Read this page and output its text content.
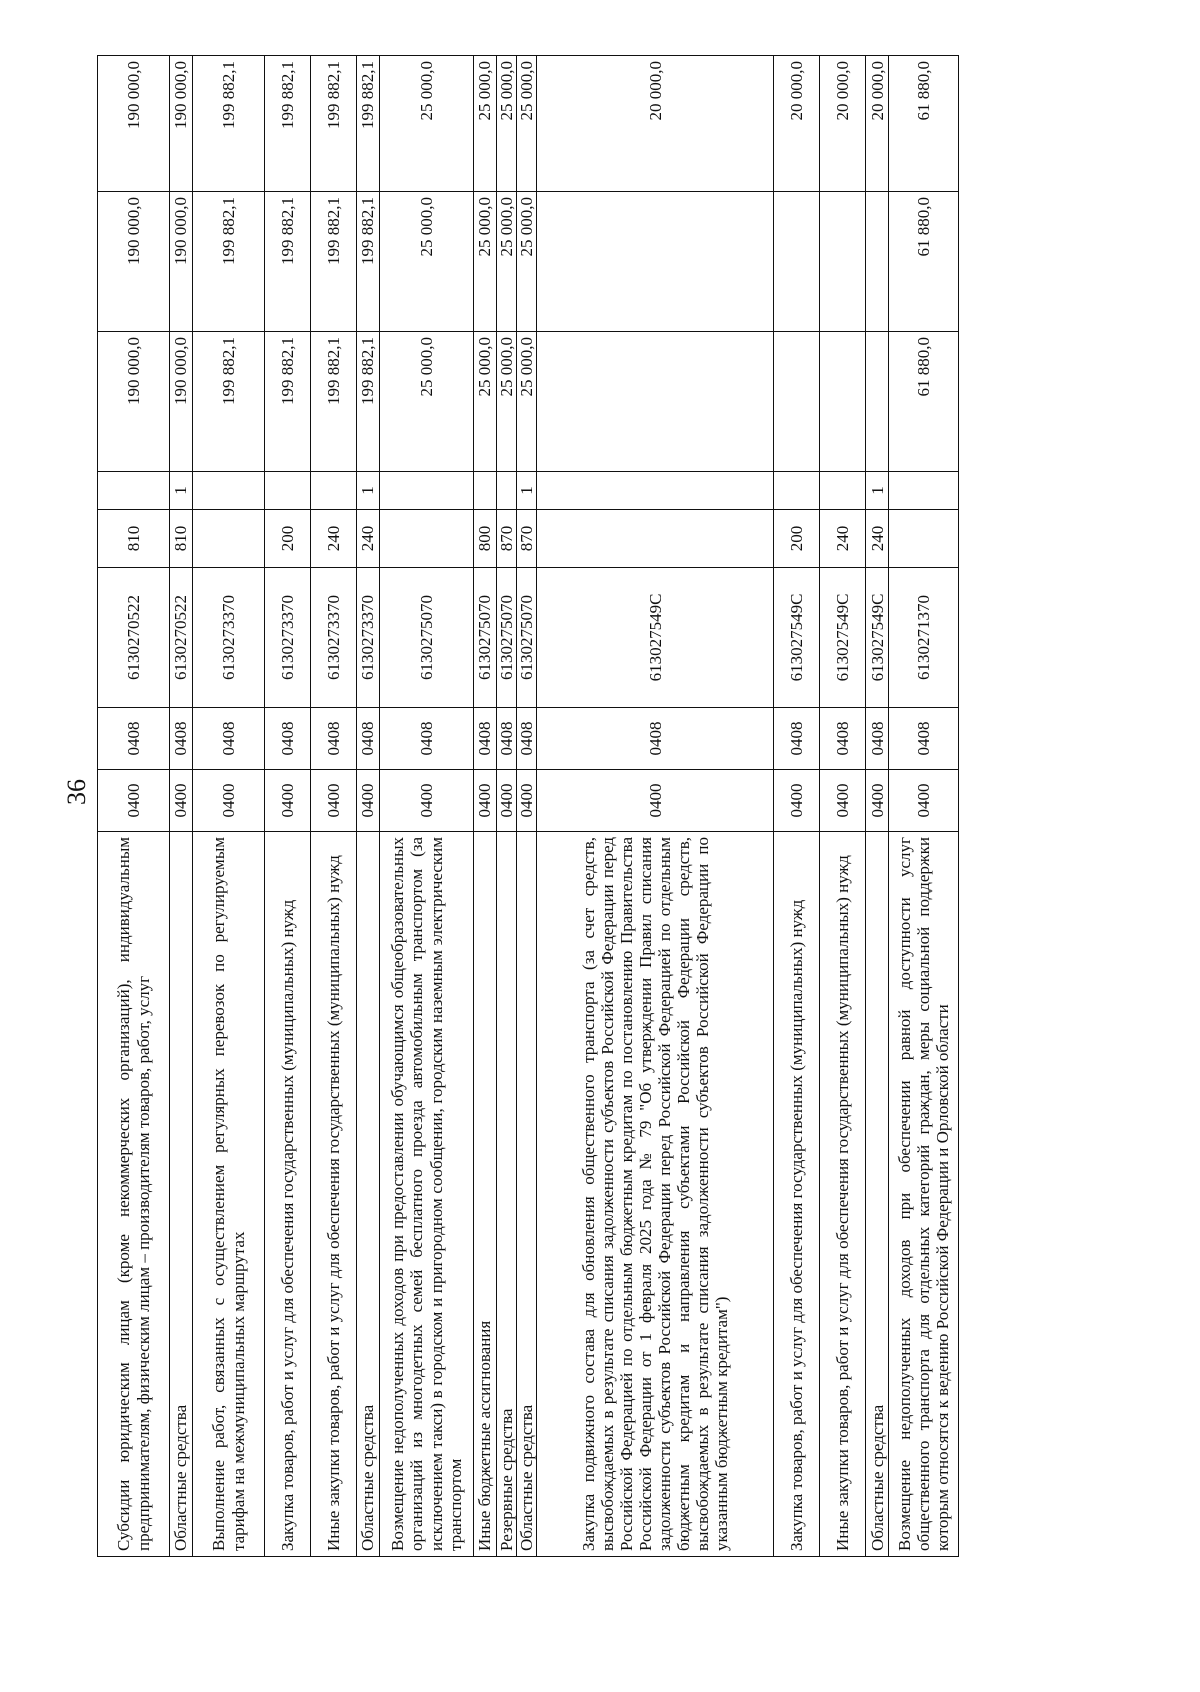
36
Субсидии юридическим лицам (кроме некоммерческих организаций), индивидуальным предпринимателям, физическим лицам – производителям товаров, работ, услуг	0400	0408	6130270522	810		190 000,0	190 000,0	190 000,0
Областные средства	0400	0408	6130270522	810	1	190 000,0	190 000,0	190 000,0
Выполнение работ, связанных с осуществлением регулярных перевозок по регулируемым тарифам на межмуниципальных маршрутах	0400	0408	6130273370			199 882,1	199 882,1	199 882,1
Закупка товаров, работ и услуг для обеспечения государственных (муниципальных) нужд	0400	0408	6130273370	200		199 882,1	199 882,1	199 882,1
Иные закупки товаров, работ и услуг для обеспечения государственных (муниципальных) нужд	0400	0408	6130273370	240		199 882,1	199 882,1	199 882,1
Областные средства	0400	0408	6130273370	240	1	199 882,1	199 882,1	199 882,1
Возмещение недополученных доходов при предоставлении обучающимся общеобразовательных организаций из многодетных семей бесплатного проезда автомобильным транспортом (за исключением такси) в городском и пригородном сообщении, городским наземным электрическим транспортом	0400	0408	6130275070			25 000,0	25 000,0	25 000,0
Иные бюджетные ассигнования	0400	0408	6130275070	800		25 000,0	25 000,0	25 000,0
Резервные средства	0400	0408	6130275070	870		25 000,0	25 000,0	25 000,0
Областные средства	0400	0408	6130275070	870	1	25 000,0	25 000,0	25 000,0
Закупка подвижного состава для обновления общественного транспорта (за счет средств, высвобождаемых в результате списания задолженности субъектов Российской Федерации перед Российской Федерацией по отдельным бюджетным кредитам по постановлению Правительства Российской Федерации от 1 февраля 2025 года № 79 "Об утверждении Правил списания задолженности субъектов Российской Федерации перед Российской Федерацией по отдельным бюджетным кредитам и направления субъектами Российской Федерации средств, высвобождаемых в результате списания задолженности субъектов Российской Федерации по указанным бюджетным кредитам")	0400	0408	613027549С					20 000,0
Закупка товаров, работ и услуг для обеспечения государственных (муниципальных) нужд	0400	0408	613027549С	200				20 000,0
Иные закупки товаров, работ и услуг для обеспечения государственных (муниципальных) нужд	0400	0408	613027549С	240				20 000,0
Областные средства	0400	0408	613027549С	240	1			20 000,0
Возмещение недополученных доходов при обеспечении равной доступности услуг общественного транспорта для отдельных категорий граждан, меры социальной поддержки которым относятся к ведению Российской Федерации и Орловской области	0400	0408	6130271370			61 880,0	61 880,0	61 880,0
